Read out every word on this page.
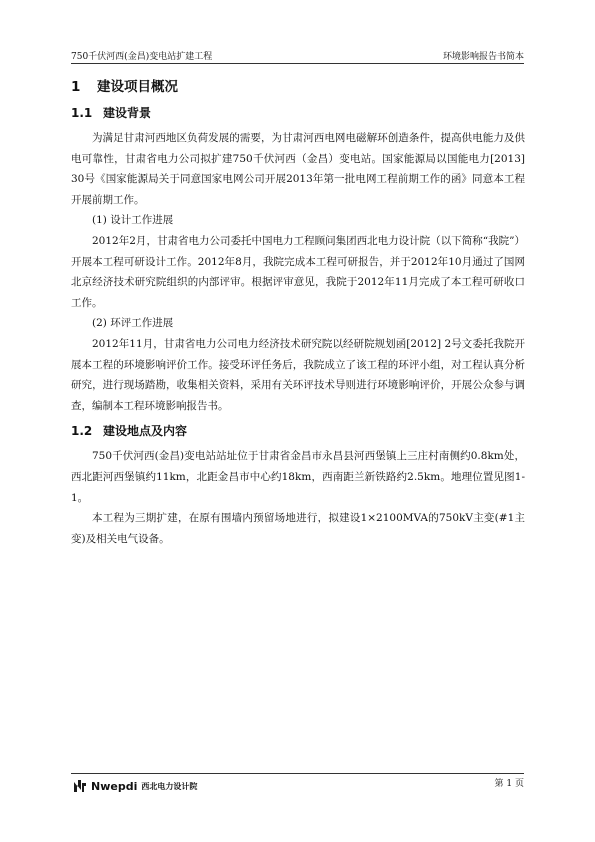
750千伏河西(金昌)变电站扩建工程	环境影响报告书简本
1 建设项目概况
1.1 建设背景

为满足甘肃河西地区负荷发展的需要，为甘肃河西电网电磁解环创造条件，提高供电能力及供电可靠性，甘肃省电力公司拟扩建750千伏河西（金昌）变电站。国家能源局以国能电力[2013] 30号《国家能源局关于同意国家电网公司开展2013年第一批电网工程前期工作的函》同意本工程开展前期工作。

(1) 设计工作进展

2012年2月，甘肃省电力公司委托中国电力工程顾问集团西北电力设计院（以下简称“我院”）开展本工程可研设计工作。2012年8月，我院完成本工程可研报告，并于2012年10月通过了国网北京经济技术研究院组织的内部评审。根据评审意见，我院于2012年11月完成了本工程可研收口工作。

(2) 环评工作进展

2012年11月，甘肃省电力公司电力经济技术研究院以经研院规划函[2012] 2号文委托我院开展本工程的环境影响评价工作。接受环评任务后，我院成立了该工程的环评小组，对工程认真分析研究，进行现场踏勘，收集相关资料，采用有关环评技术导则进行环境影响评价，开展公众参与调查，编制本工程环境影响报告书。

1.2 建设地点及内容

750千伏河西(金昌)变电站站址位于甘肃省金昌市永昌县河西堡镇上三庄村南侧约0.8km处，西北距河西堡镇约11km，北距金昌市中心约18km，西南距兰新铁路约2.5km。地理位置见图1-1。

本工程为三期扩建，在原有围墙内预留场地进行，拟建设1×2100MVA的750kV主变(#1主变)及相关电气设备。

Nwepdi 西北电力设计院	第 1 页
